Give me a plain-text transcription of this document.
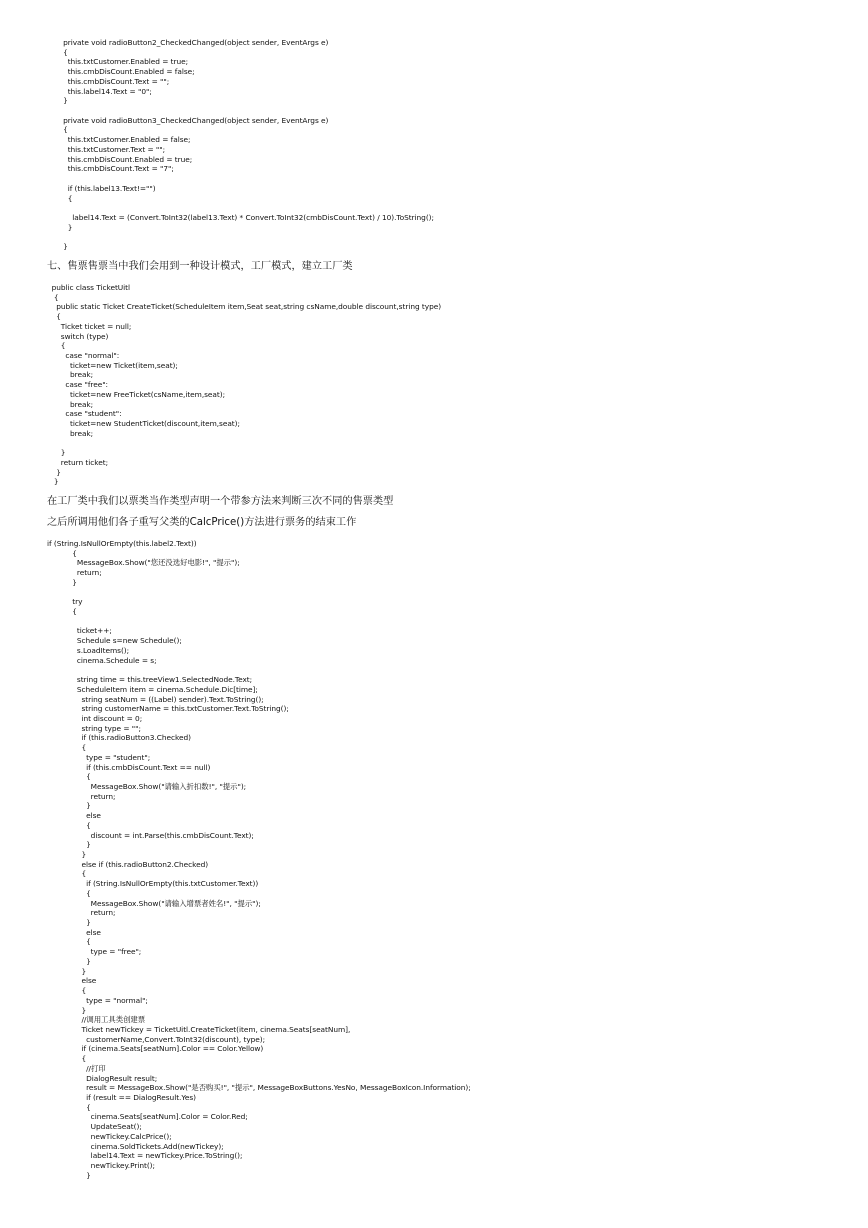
private void radioButton2_CheckedChanged(object sender, EventArgs e)
{
this.txtCustomer.Enabled = true;
this.cmbDisCount.Enabled = false;
this.cmbDisCount.Text = "";
this.label14.Text = "0";
}
private void radioButton3_CheckedChanged(object sender, EventArgs e)
{
this.txtCustomer.Enabled = false;
this.txtCustomer.Text = "";
this.cmbDisCount.Enabled = true;
this.cmbDisCount.Text = "7";
if (this.label13.Text!="")
{
label14.Text = (Convert.ToInt32(label13.Text) * Convert.ToInt32(cmbDisCount.Text) / 10).ToString();
}
}
七、售票售票当中我们会用到一种设计模式，工厂模式，建立工厂类
public class TicketUitl
{
public static Ticket CreateTicket(ScheduleItem item,Seat seat,string csName,double discount,string type)
{
Ticket ticket = null;
switch (type)
{
case "normal":
ticket=new Ticket(item,seat);
break;
case "free":
ticket=new FreeTicket(csName,item,seat);
break;
case "student":
ticket=new StudentTicket(discount,item,seat);
break;
}
return ticket;
}
}
在工厂类中我们以票类当作类型声明一个带参方法来判断三次不同的售票类型
之后所调用他们各子重写父类的CalcPrice()方法进行票务的结束工作
if (String.IsNullOrEmpty(this.label2.Text))
{
MessageBox.Show("您还没选好电影!", "提示");
return;
}
try
{
ticket++;
Schedule s=new Schedule();
s.LoadItems();
cinema.Schedule = s;
string time = this.treeView1.SelectedNode.Text;
ScheduleItem item = cinema.Schedule.Dic[time];
string seatNum = ((Label) sender).Text.ToString();
string customerName = this.txtCustomer.Text.ToString();
int discount = 0;
string type = "";
if (this.radioButton3.Checked)
{
type = "student";
if (this.cmbDisCount.Text == null)
{
MessageBox.Show("请输入折扣数!", "提示");
return;
}
else
{
discount = int.Parse(this.cmbDisCount.Text);
}
}
else if (this.radioButton2.Checked)
{
if (String.IsNullOrEmpty(this.txtCustomer.Text))
{
MessageBox.Show("请输入增票者姓名!", "提示");
return;
}
else
{
type = "free";
}
}
else
{
type = "normal";
}
//调用工具类创建票
Ticket newTickey = TicketUitl.CreateTicket(item, cinema.Seats[seatNum],
customerName,Convert.ToInt32(discount), type);
if (cinema.Seats[seatNum].Color == Color.Yellow)
{
//打印
DialogResult result;
result = MessageBox.Show("是否购买!", "提示", MessageBoxButtons.YesNo, MessageBoxIcon.Information);
if (result == DialogResult.Yes)
{
cinema.Seats[seatNum].Color = Color.Red;
UpdateSeat();
newTickey.CalcPrice();
cinema.SoldTickets.Add(newTickey);
label14.Text = newTickey.Price.ToString();
newTickey.Print();
}
